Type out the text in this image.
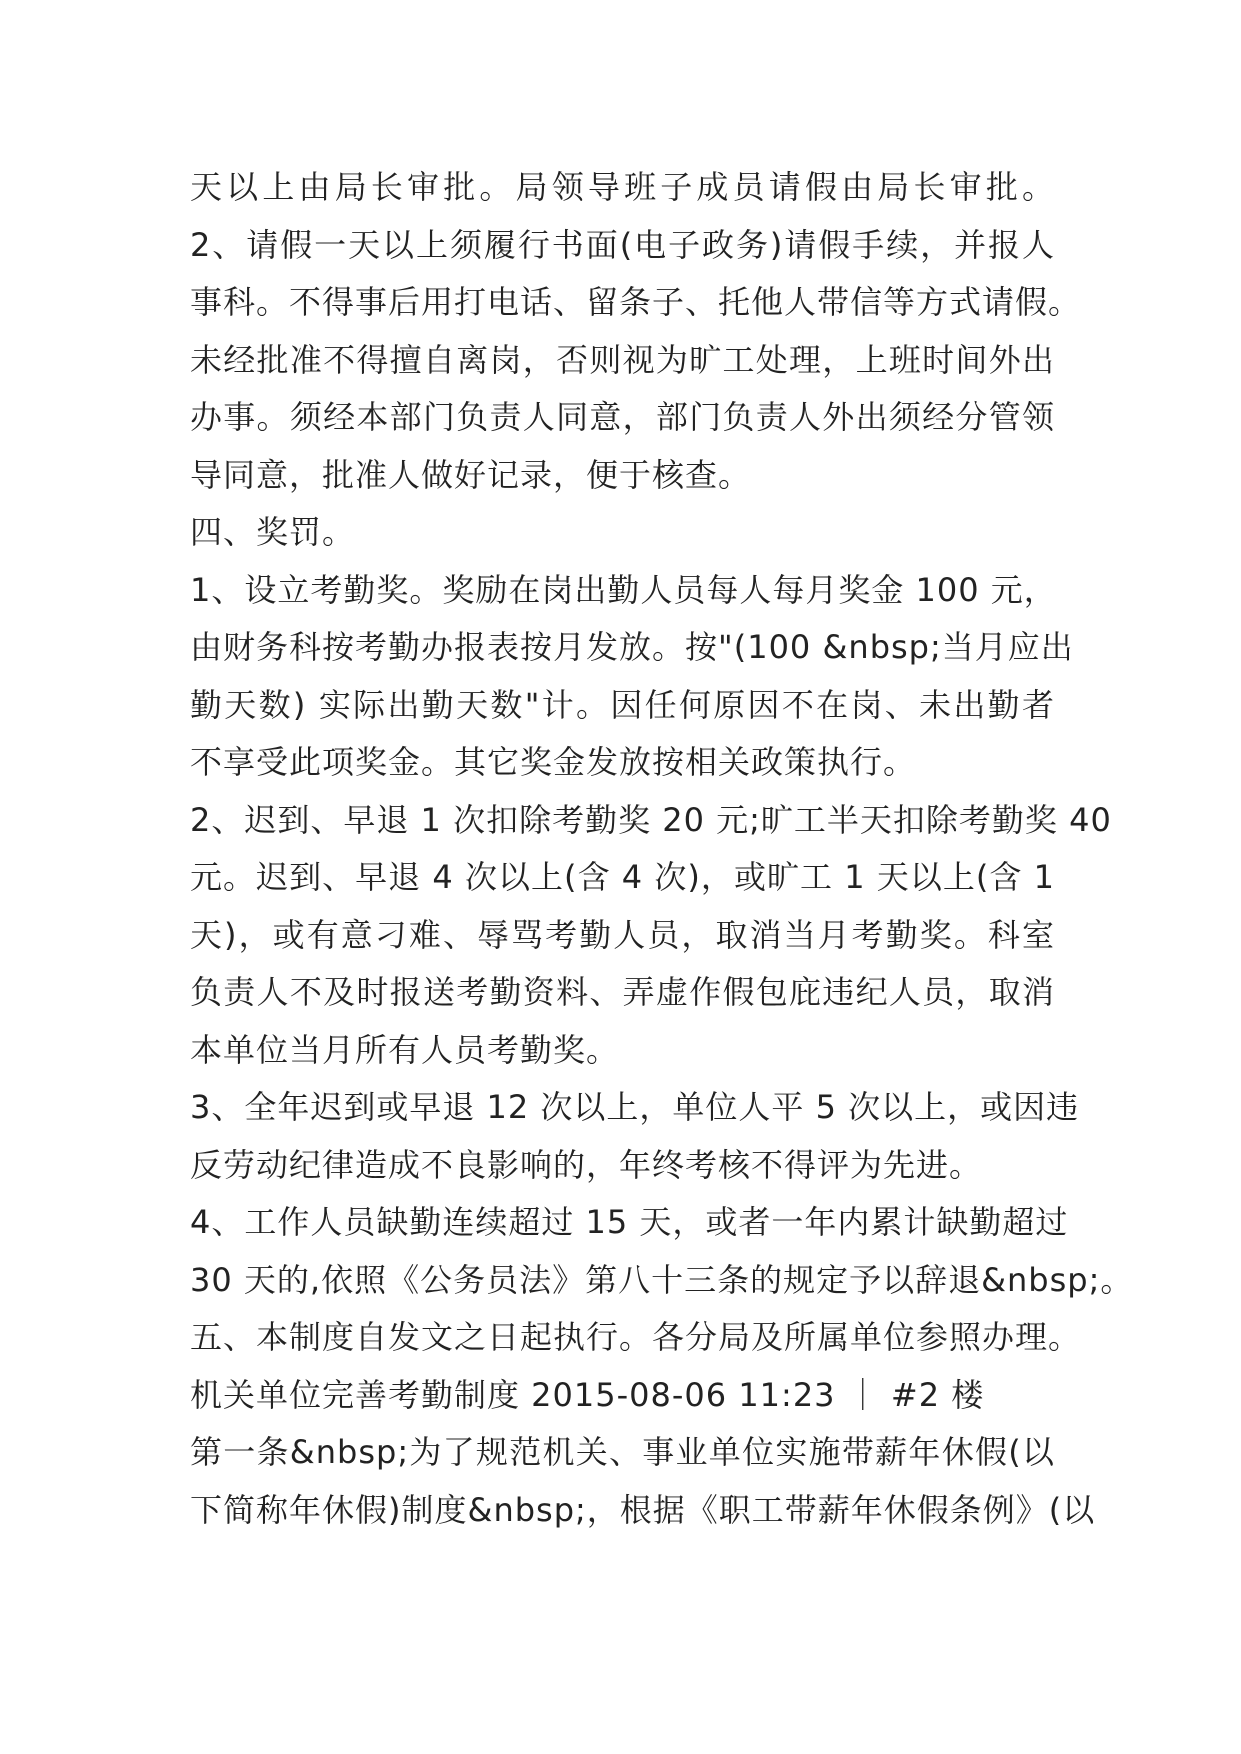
天以上由局长审批。局领导班子成员请假由局长审批。
2、请假一天以上须履行书面(电子政务)请假手续，并报人
事科。不得事后用打电话、留条子、托他人带信等方式请假。
未经批准不得擅自离岗，否则视为旷工处理，上班时间外出
办事。须经本部门负责人同意，部门负责人外出须经分管领
导同意，批准人做好记录，便于核查。
四、奖罚。
1、设立考勤奖。奖励在岗出勤人员每人每月奖金 100 元，
由财务科按考勤办报表按月发放。按"(100 &nbsp;当月应出
勤天数) 实际出勤天数"计。因任何原因不在岗、未出勤者
不享受此项奖金。其它奖金发放按相关政策执行。
2、迟到、早退 1 次扣除考勤奖 20 元;旷工半天扣除考勤奖 40
元。迟到、早退 4 次以上(含 4 次)，或旷工 1 天以上(含 1
天)，或有意刁难、辱骂考勤人员，取消当月考勤奖。科室
负责人不及时报送考勤资料、弄虚作假包庇违纪人员，取消
本单位当月所有人员考勤奖。
3、全年迟到或早退 12 次以上，单位人平 5 次以上，或因违
反劳动纪律造成不良影响的，年终考核不得评为先进。
4、工作人员缺勤连续超过 15 天，或者一年内累计缺勤超过
30 天的,依照《公务员法》第八十三条的规定予以辞退&nbsp;。
五、本制度自发文之日起执行。各分局及所属单位参照办理。
机关单位完善考勤制度 2015-08-06 11:23 ｜ #2 楼
第一条&nbsp;为了规范机关、事业单位实施带薪年休假(以
下简称年休假)制度&nbsp;，根据《职工带薪年休假条例》(以
